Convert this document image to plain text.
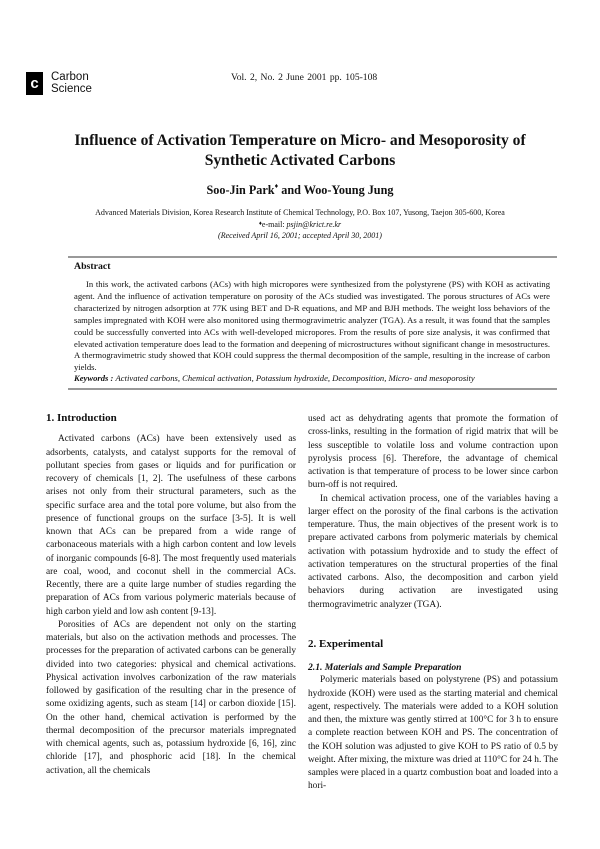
c	Carbon
Science
Vol. 2, No. 2 June 2001 pp. 105-108
Influence of Activation Temperature on Micro- and Mesoporosity of
Synthetic Activated Carbons
Soo-Jin Park♦ and Woo-Young Jung
Advanced Materials Division, Korea Research Institute of Chemical Technology, P.O. Box 107, Yusong, Taejon 305-600, Korea
♦e-mail: psjin@krict.re.kr
(Received April 16, 2001; accepted April 30, 2001)
Abstract

In this work, the activated carbons (ACs) with high micropores were synthesized from the polystyrene (PS) with KOH as activating agent. And the influence of activation temperature on porosity of the ACs studied was investigated. The porous structures of ACs were characterized by nitrogen adsorption at 77K using BET and D-R equations, and MP and BJH methods. The weight loss behaviors of the samples impregnated with KOH were also monitored using thermogravimetric analyzer (TGA). As a result, it was found that the samples could be successfully converted into ACs with well-developed micropores. From the results of pore size analysis, it was confirmed that elevated activation temperature does lead to the formation and deepening of microstructures without significant change in mesostructures. A thermogravimetric study showed that KOH could suppress the thermal decomposition of the sample, resulting in the increase of carbon yields.

Keywords : Activated carbons, Chemical activation, Potassium hydroxide, Decomposition, Micro- and mesoporosity
1. Introduction

Activated carbons (ACs) have been extensively used as adsorbents, catalysts, and catalyst supports for the removal of pollutant species from gases or liquids and for purification or recovery of chemicals [1, 2]. The usefulness of these carbons arises not only from their structural parameters, such as the specific surface area and the total pore volume, but also from the presence of functional groups on the surface [3-5]. It is well known that ACs can be prepared from a wide range of carbonaceous materials with a high carbon content and low levels of inorganic compounds [6-8]. The most frequently used materials are coal, wood, and coconut shell in the commercial ACs. Recently, there are a quite large number of studies regarding the preparation of ACs from various polymeric materials because of high carbon yield and low ash content [9-13].

Porosities of ACs are dependent not only on the starting materials, but also on the activation methods and processes. The processes for the preparation of activated carbons can be generally divided into two categories: physical and chemical activations. Physical activation involves carbonization of the raw materials followed by gasification of the resulting char in the presence of some oxidizing agents, such as steam [14] or carbon dioxide [15]. On the other hand, chemical activation is performed by the thermal decomposition of the precursor materials impregnated with chemical agents, such as, potassium hydroxide [6, 16], zinc chloride [17], and phosphoric acid [18]. In the chemical activation, all the chemicals

used act as dehydrating agents that promote the formation of cross-links, resulting in the formation of rigid matrix that will be less susceptible to volatile loss and volume contraction upon pyrolysis process [6]. Therefore, the advantage of chemical activation is that temperature of process to be lower since carbon burn-off is not required.

In chemical activation process, one of the variables having a larger effect on the porosity of the final carbons is the activation temperature. Thus, the main objectives of the present work is to prepare activated carbons from polymeric materials by chemical activation with potassium hydroxide and to study the effect of activation temperatures on the structural properties of the final activated carbons. Also, the decomposition and carbon yield behaviors during activation are investigated using thermogravimetric analyzer (TGA).

2. Experimental
2.1. Materials and Sample Preparation

Polymeric materials based on polystyrene (PS) and potassium hydroxide (KOH) were used as the starting material and chemical agent, respectively. The materials were added to a KOH solution and then, the mixture was gently stirred at 100°C for 3 h to ensure a complete reaction between KOH and PS. The concentration of the KOH solution was adjusted to give KOH to PS ratio of 0.5 by weight. After mixing, the mixture was dried at 110°C for 24 h. The samples were placed in a quartz combustion boat and loaded into a hori-
